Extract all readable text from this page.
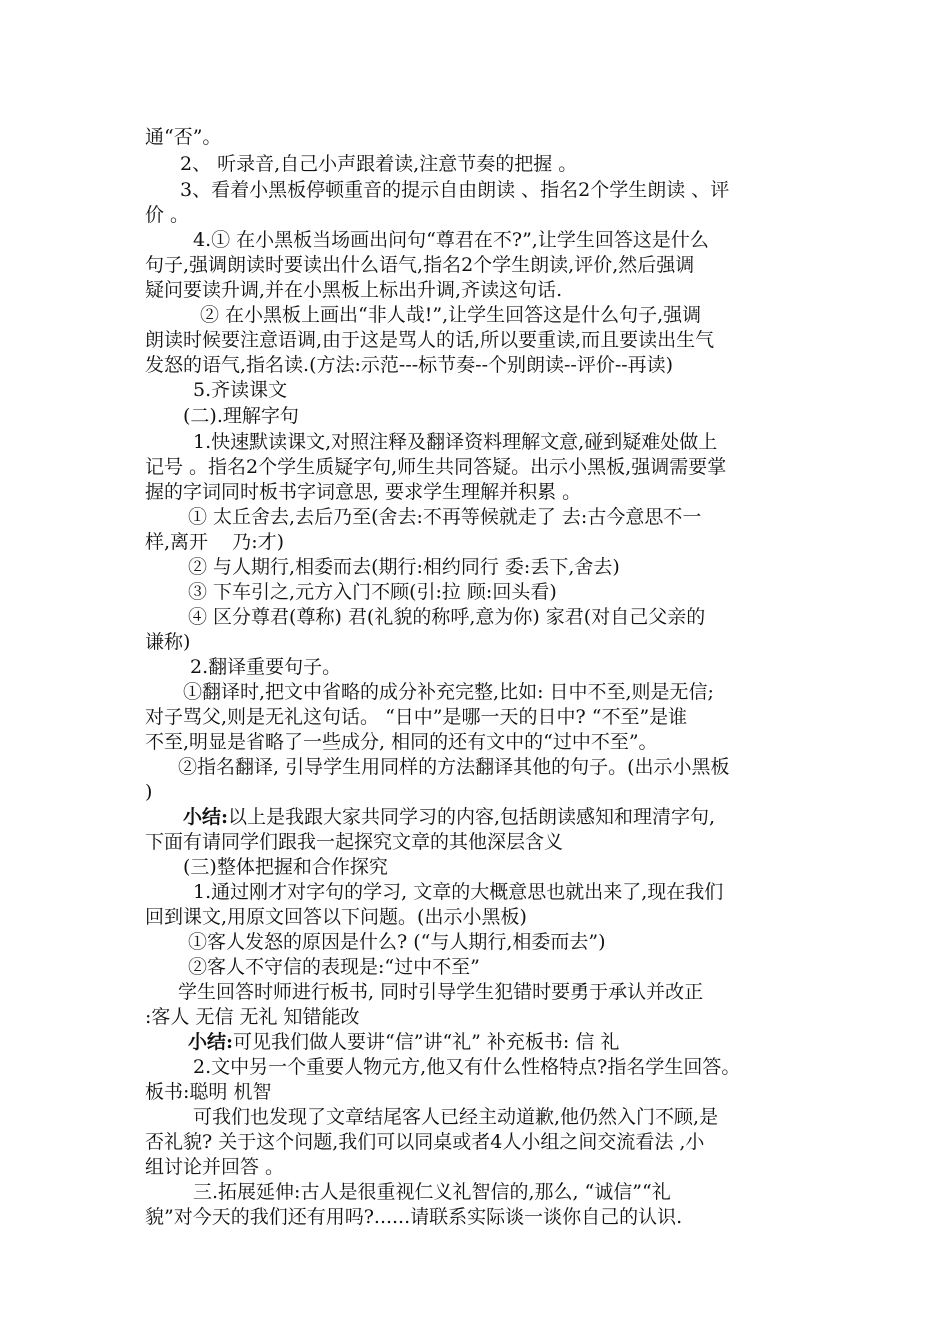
通“否”。
2、 听录音,自己小声跟着读,注意节奏的把握 。
3、看着小黑板停顿重音的提示自由朗读 、指名2个学生朗读 、评
价 。
4.① 在小黑板当场画出问句“尊君在不?”,让学生回答这是什么
句子,强调朗读时要读出什么语气,指名2个学生朗读,评价,然后强调
疑问要读升调,并在小黑板上标出升调,齐读这句话.
② 在小黑板上画出“非人哉!”,让学生回答这是什么句子,强调
朗读时候要注意语调,由于这是骂人的话,所以要重读,而且要读出生气
发怒的语气,指名读.(方法:示范---标节奏--个别朗读--评价--再读)
5.齐读课文
(二).理解字句
1.快速默读课文,对照注释及翻译资料理解文意,碰到疑难处做上
记号 。指名2个学生质疑字句,师生共同答疑。出示小黑板,强调需要掌
握的字词同时板书字词意思, 要求学生理解并积累 。
① 太丘舍去,去后乃至(舍去:不再等候就走了 去:古今意思不一
样,离开    乃:才)
② 与人期行,相委而去(期行:相约同行 委:丢下,舍去)
③ 下车引之,元方入门不顾(引:拉 顾:回头看)
④ 区分尊君(尊称) 君(礼貌的称呼,意为你) 家君(对自己父亲的
谦称)
2.翻译重要句子。
①翻译时,把文中省略的成分补充完整,比如: 日中不至,则是无信;
对子骂父,则是无礼这句话。 “日中”是哪一天的日中? “不至”是谁
不至,明显是省略了一些成分, 相同的还有文中的“过中不至”。
②指名翻译, 引导学生用同样的方法翻译其他的句子。(出示小黑板
)
小结:以上是我跟大家共同学习的内容,包括朗读感知和理清字句,
下面有请同学们跟我一起探究文章的其他深层含义
(三)整体把握和合作探究
1.通过刚才对字句的学习, 文章的大概意思也就出来了,现在我们
回到课文,用原文回答以下问题。(出示小黑板)
①客人发怒的原因是什么? (“与人期行,相委而去”)
②客人不守信的表现是:“过中不至”
学生回答时师进行板书, 同时引导学生犯错时要勇于承认并改正
:客人 无信 无礼 知错能改
小结:可见我们做人要讲“信”讲“礼” 补充板书: 信 礼
2.文中另一个重要人物元方,他又有什么性格特点?指名学生回答。
板书:聪明 机智
可我们也发现了文章结尾客人已经主动道歉,他仍然入门不顾,是
否礼貌? 关于这个问题,我们可以同桌或者4人小组之间交流看法 ,小
组讨论并回答 。
三.拓展延伸:古人是很重视仁义礼智信的,那么, “诚信”“礼
貌”对今天的我们还有用吗?......请联系实际谈一谈你自己的认识.
